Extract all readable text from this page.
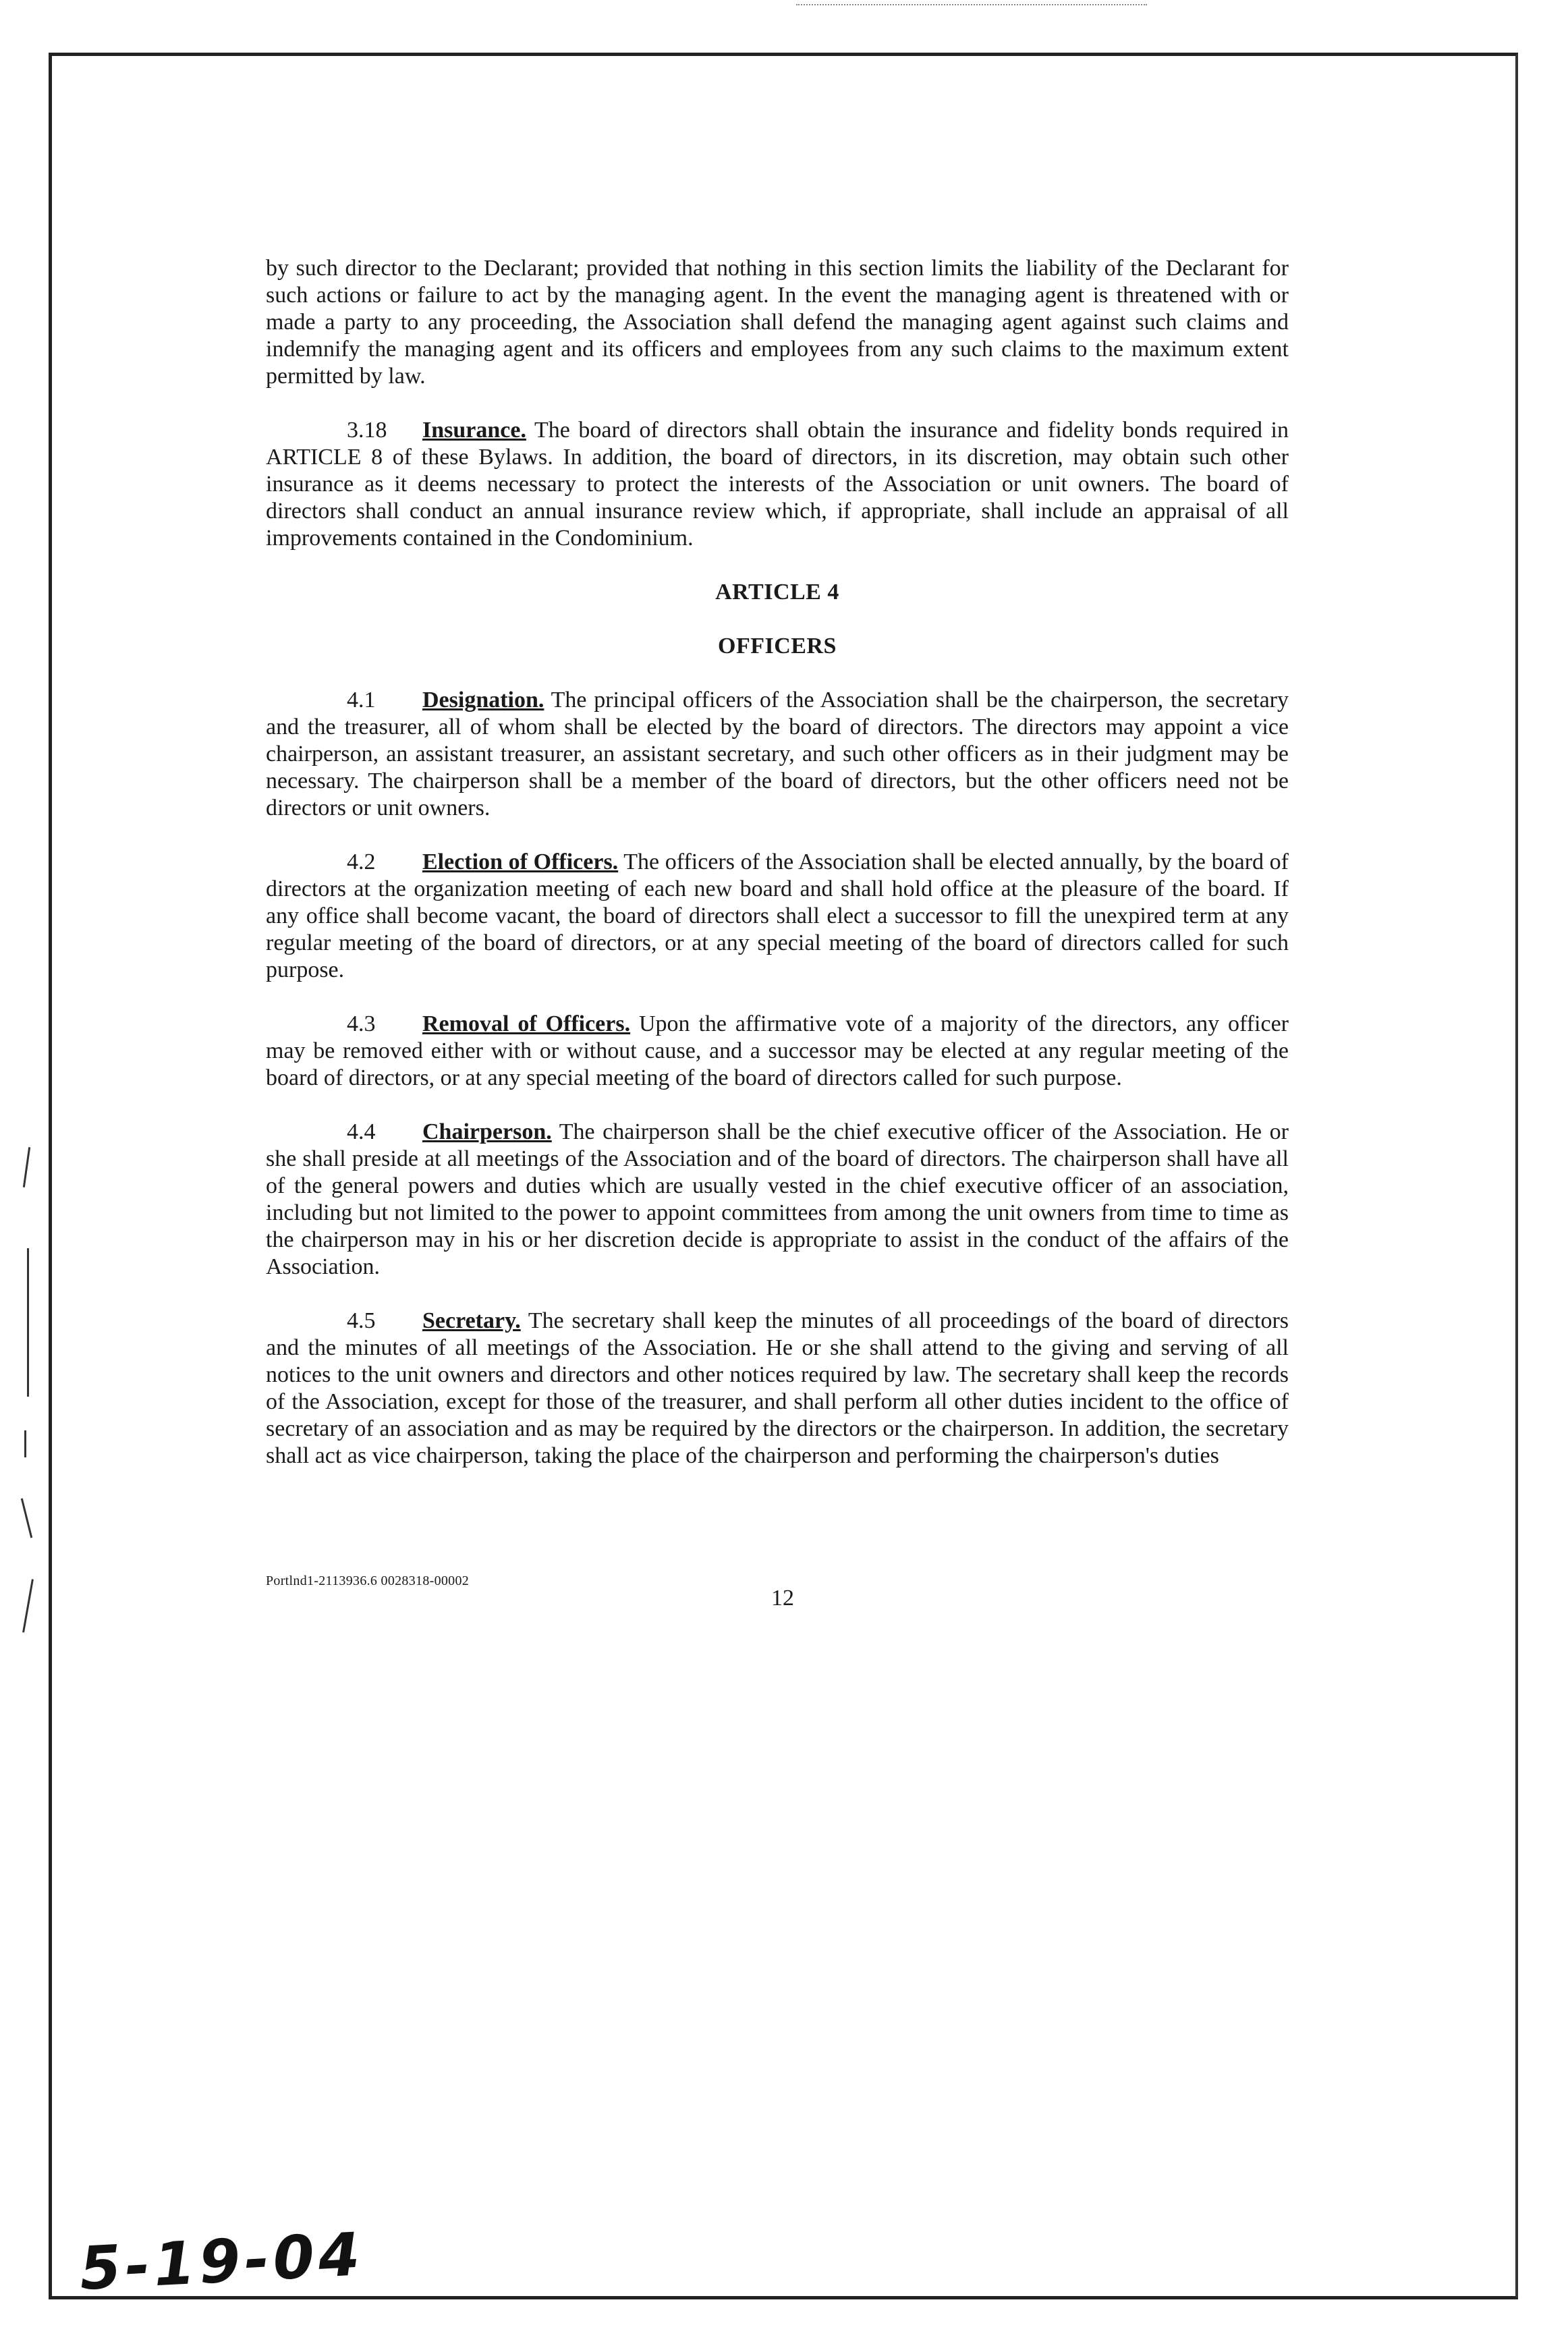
by such director to the Declarant; provided that nothing in this section limits the liability of the Declarant for such actions or failure to act by the managing agent. In the event the managing agent is threatened with or made a party to any proceeding, the Association shall defend the managing agent against such claims and indemnify the managing agent and its officers and employees from any such claims to the maximum extent permitted by law.

3.18 Insurance. The board of directors shall obtain the insurance and fidelity bonds required in ARTICLE 8 of these Bylaws. In addition, the board of directors, in its discretion, may obtain such other insurance as it deems necessary to protect the interests of the Association or unit owners. The board of directors shall conduct an annual insurance review which, if appropriate, shall include an appraisal of all improvements contained in the Condominium.

ARTICLE 4
OFFICERS

4.1 Designation. The principal officers of the Association shall be the chairperson, the secretary and the treasurer, all of whom shall be elected by the board of directors. The directors may appoint a vice chairperson, an assistant treasurer, an assistant secretary, and such other officers as in their judgment may be necessary. The chairperson shall be a member of the board of directors, but the other officers need not be directors or unit owners.

4.2 Election of Officers. The officers of the Association shall be elected annually, by the board of directors at the organization meeting of each new board and shall hold office at the pleasure of the board. If any office shall become vacant, the board of directors shall elect a successor to fill the unexpired term at any regular meeting of the board of directors, or at any special meeting of the board of directors called for such purpose.

4.3 Removal of Officers. Upon the affirmative vote of a majority of the directors, any officer may be removed either with or without cause, and a successor may be elected at any regular meeting of the board of directors, or at any special meeting of the board of directors called for such purpose.

4.4 Chairperson. The chairperson shall be the chief executive officer of the Association. He or she shall preside at all meetings of the Association and of the board of directors. The chairperson shall have all of the general powers and duties which are usually vested in the chief executive officer of an association, including but not limited to the power to appoint committees from among the unit owners from time to time as the chairperson may in his or her discretion decide is appropriate to assist in the conduct of the affairs of the Association.

4.5 Secretary. The secretary shall keep the minutes of all proceedings of the board of directors and the minutes of all meetings of the Association. He or she shall attend to the giving and serving of all notices to the unit owners and directors and other notices required by law. The secretary shall keep the records of the Association, except for those of the treasurer, and shall perform all other duties incident to the office of secretary of an association and as may be required by the directors or the chairperson. In addition, the secretary shall act as vice chairperson, taking the place of the chairperson and performing the chairperson's duties

Portlnd1-2113936.6 0028318-00002
12
5-19-04
